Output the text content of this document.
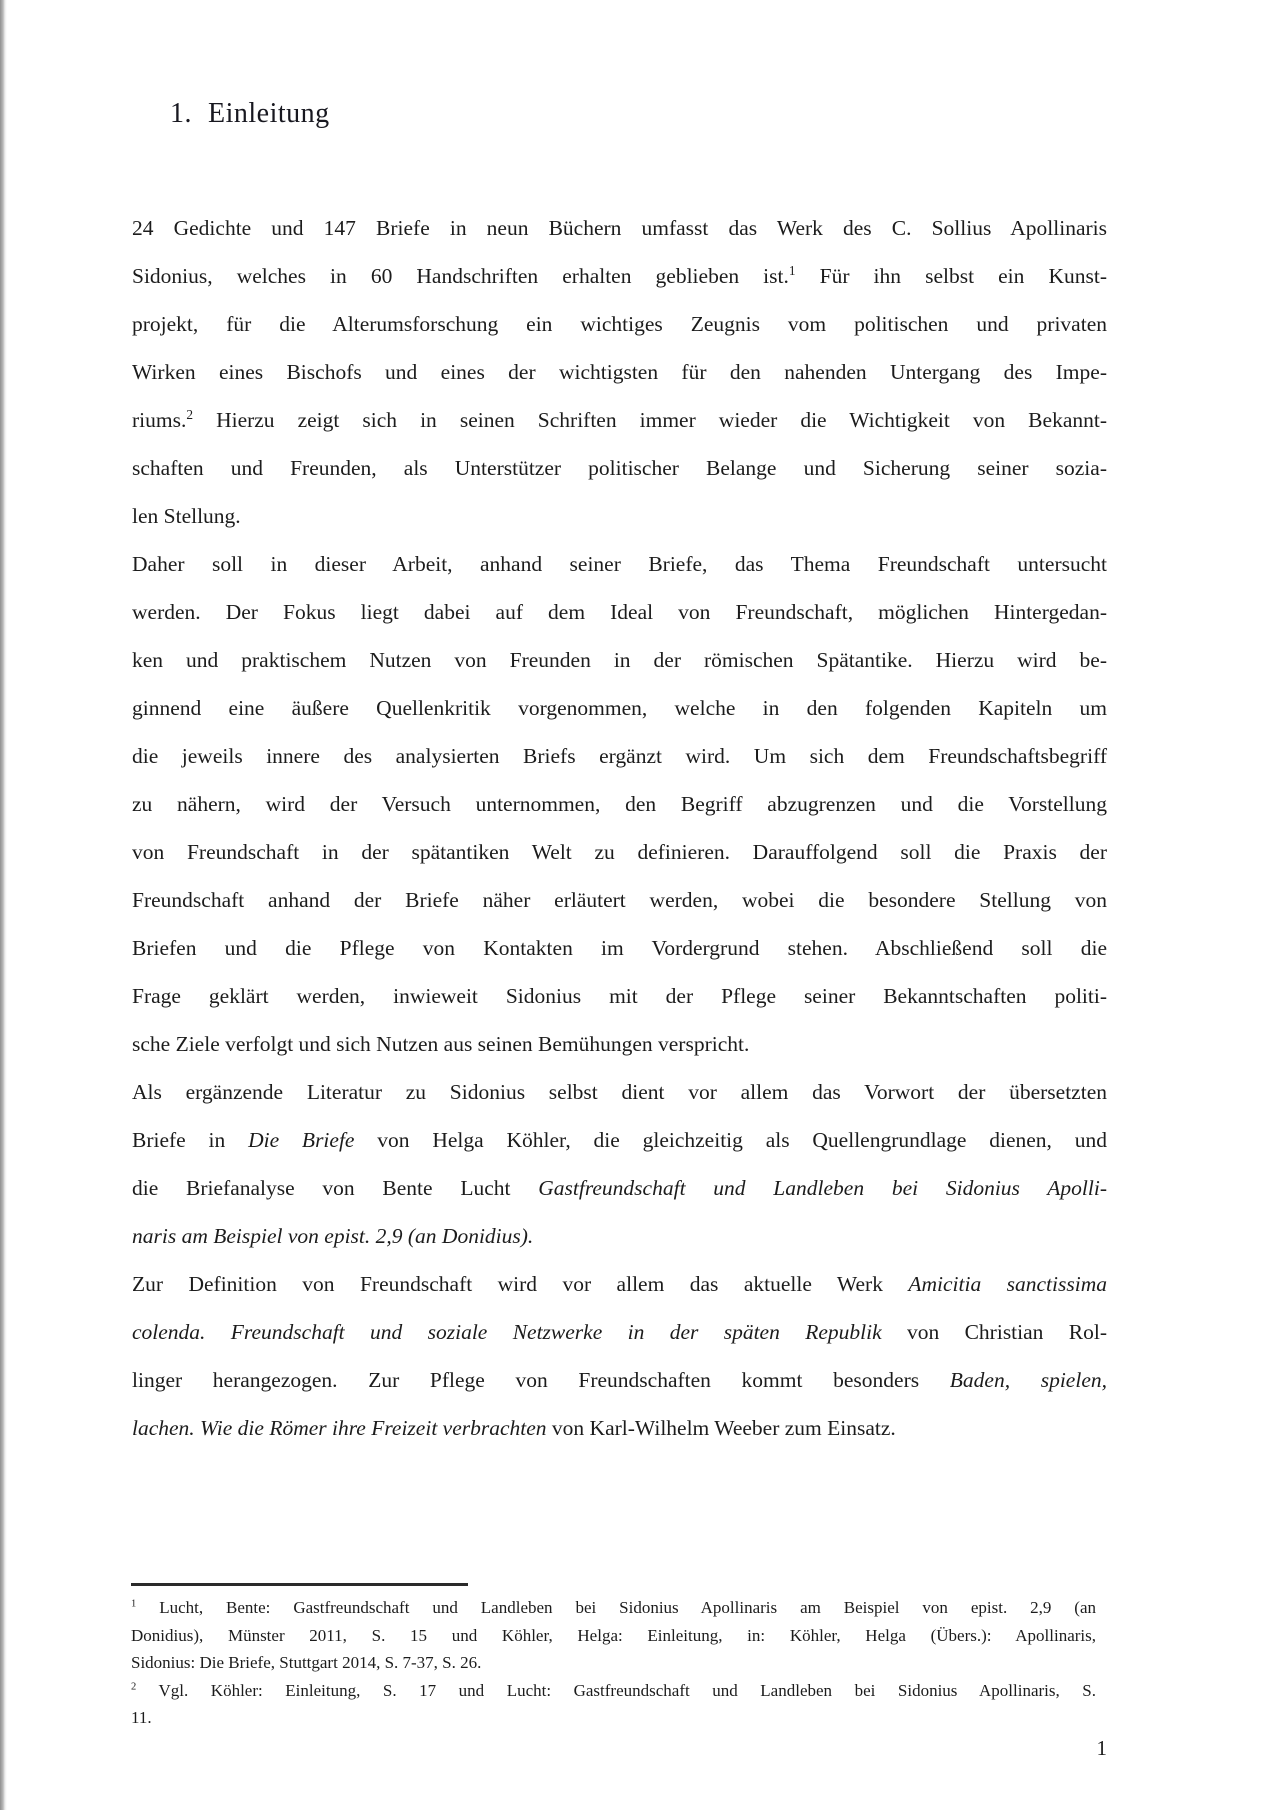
1. Einleitung
24 Gedichte und 147 Briefe in neun Büchern umfasst das Werk des C. Sollius Apollinaris
Sidonius, welches in 60 Handschriften erhalten geblieben ist.$^1$ Für ihn selbst ein Kunst-
projekt, für die Alterumsforschung ein wichtiges Zeugnis vom politischen und privaten
Wirken eines Bischofs und eines der wichtigsten für den nahenden Untergang des Impe-
riums.$^2$ Hierzu zeigt sich in seinen Schriften immer wieder die Wichtigkeit von Bekannt-
schaften und Freunden, als Unterstützer politischer Belange und Sicherung seiner sozia-
len Stellung.
Daher soll in dieser Arbeit, anhand seiner Briefe, das Thema Freundschaft untersucht
werden. Der Fokus liegt dabei auf dem Ideal von Freundschaft, möglichen Hintergedan-
ken und praktischem Nutzen von Freunden in der römischen Spätantike. Hierzu wird be-
ginnend eine äußere Quellenkritik vorgenommen, welche in den folgenden Kapiteln um
die jeweils innere des analysierten Briefs ergänzt wird. Um sich dem Freundschaftsbegriff
zu nähern, wird der Versuch unternommen, den Begriff abzugrenzen und die Vorstellung
von Freundschaft in der spätantiken Welt zu definieren. Darauffolgend soll die Praxis der
Freundschaft anhand der Briefe näher erläutert werden, wobei die besondere Stellung von
Briefen und die Pflege von Kontakten im Vordergrund stehen. Abschließend soll die
Frage geklärt werden, inwieweit Sidonius mit der Pflege seiner Bekanntschaften politi-
sche Ziele verfolgt und sich Nutzen aus seinen Bemühungen verspricht.
Als ergänzende Literatur zu Sidonius selbst dient vor allem das Vorwort der übersetzten
Briefe in Die Briefe von Helga Köhler, die gleichzeitig als Quellengrundlage dienen, und
die Briefanalyse von Bente Lucht Gastfreundschaft und Landleben bei Sidonius Apolli-
naris am Beispiel von epist. 2,9 (an Donidius).
Zur Definition von Freundschaft wird vor allem das aktuelle Werk Amicitia sanctissima
colenda. Freundschaft und soziale Netzwerke in der späten Republik von Christian Rol-
linger herangezogen. Zur Pflege von Freundschaften kommt besonders Baden, spielen,
lachen. Wie die Römer ihre Freizeit verbrachten von Karl-Wilhelm Weeber zum Einsatz.
$^1$ Lucht, Bente: Gastfreundschaft und Landleben bei Sidonius Apollinaris am Beispiel von epist. 2,9 (an
Donidius), Münster 2011, S. 15 und Köhler, Helga: Einleitung, in: Köhler, Helga (Übers.): Apollinaris,
Sidonius: Die Briefe, Stuttgart 2014, S. 7-37, S. 26.
$^2$ Vgl. Köhler: Einleitung, S. 17 und Lucht: Gastfreundschaft und Landleben bei Sidonius Apollinaris, S.
11.
1
